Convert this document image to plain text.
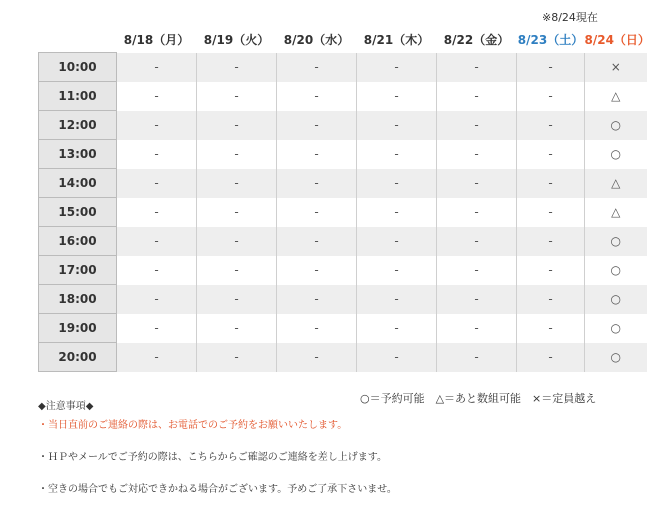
※8/24現在
	8/18（月）	8/19（火）	8/20（水）	8/21（木）	8/22（金）	8/23（土）	8/24（日）
10:00	-	-	-	-	-	-	×
11:00	-	-	-	-	-	-	△
12:00	-	-	-	-	-	-	○
13:00	-	-	-	-	-	-	○
14:00	-	-	-	-	-	-	△
15:00	-	-	-	-	-	-	△
16:00	-	-	-	-	-	-	○
17:00	-	-	-	-	-	-	○
18:00	-	-	-	-	-	-	○
19:00	-	-	-	-	-	-	○
20:00	-	-	-	-	-	-	○
○＝予約可能　△＝あと数組可能　×＝定員越え
◆注意事項◆
・当日直前のご連絡の際は、お電話でのご予約をお願いいたします。
・ＨＰやメールでご予約の際は、こちらからご確認のご連絡を差し上げます。
・空きの場合でもご対応できかねる場合がございます。予めご了承下さいませ。
